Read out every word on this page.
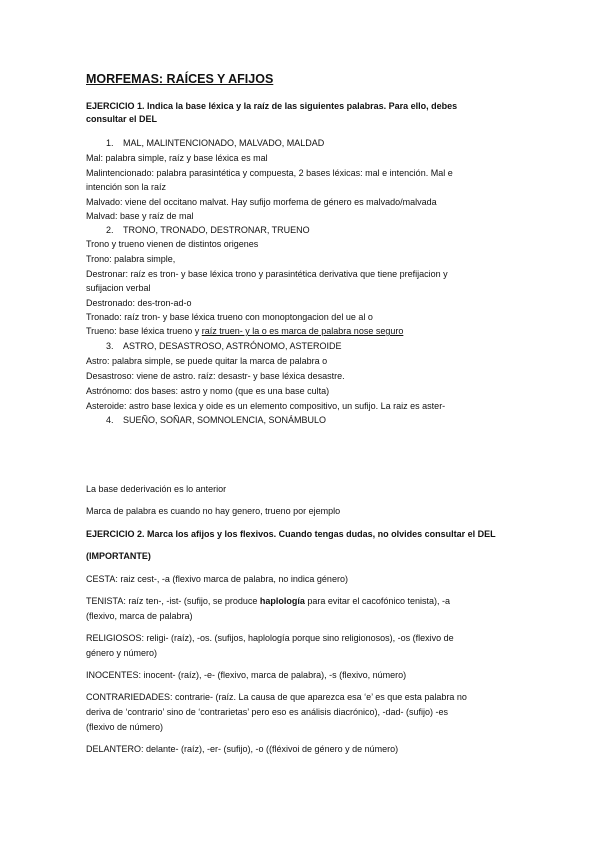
MORFEMAS: RAÍCES Y AFIJOS
EJERCICIO 1. Indica la base léxica y la raíz de las siguientes palabras. Para ello, debes
consultar el DEL
1. MAL, MALINTENCIONADO, MALVADO, MALDAD
Mal: palabra simple, raíz y base léxica es mal
Malintencionado: palabra parasintética y compuesta, 2 bases léxicas: mal e intención. Mal e
intención son la raíz
Malvado: viene del occitano malvat. Hay sufijo morfema de género es malvado/malvada
Malvad: base y raíz de mal
2. TRONO, TRONADO, DESTRONAR, TRUENO
Trono y trueno vienen de distintos origenes
Trono: palabra simple,
Destronar: raíz es tron- y base léxica trono y parasintética derivativa que tiene prefijacion y
sufijacion verbal
Destronado: des-tron-ad-o
Tronado: raíz tron- y base léxica trueno con monoptongacion del ue al o
Trueno: base léxica trueno y raíz truen- y la o es marca de palabra nose seguro
3. ASTRO, DESASTROSO, ASTRÓNOMO, ASTEROIDE
Astro: palabra simple, se puede quitar la marca de palabra o
Desastroso: viene de astro. raíz: desastr- y base léxica desastre.
Astrónomo: dos bases: astro y nomo (que es una base culta)
Asteroide: astro base lexica y oide es un elemento compositivo, un sufijo. La raiz es aster-
4. SUEÑO, SOÑAR, SOMNOLENCIA, SONÁMBULO
La base dederivación es lo anterior
Marca de palabra es cuando no hay genero, trueno por ejemplo
EJERCICIO 2. Marca los afijos y los flexivos. Cuando tengas dudas, no olvides consultar el DEL
(IMPORTANTE)
CESTA: raiz cest-, -a (flexivo marca de palabra, no indica género)
TENISTA: raíz ten-, -ist- (sufijo, se produce haplología para evitar el cacofónico tenista), -a
(flexivo, marca de palabra)
RELIGIOSOS: religi- (raíz), -os. (sufijos, haplología porque sino religionosos), -os (flexivo de
género y número)
INOCENTES: inocent- (raíz), -e- (flexivo, marca de palabra), -s (flexivo, número)
CONTRARIEDADES: contrarie- (raíz. La causa de que aparezca esa ‘e’ es que esta palabra no
deriva de ‘contrario’ sino de ‘contrarietas’ pero eso es análisis diacrónico), -dad- (sufijo) -es
(flexivo de número)
DELANTERO: delante- (raíz), -er- (sufijo), -o ((fléxivoi de género y de número)
